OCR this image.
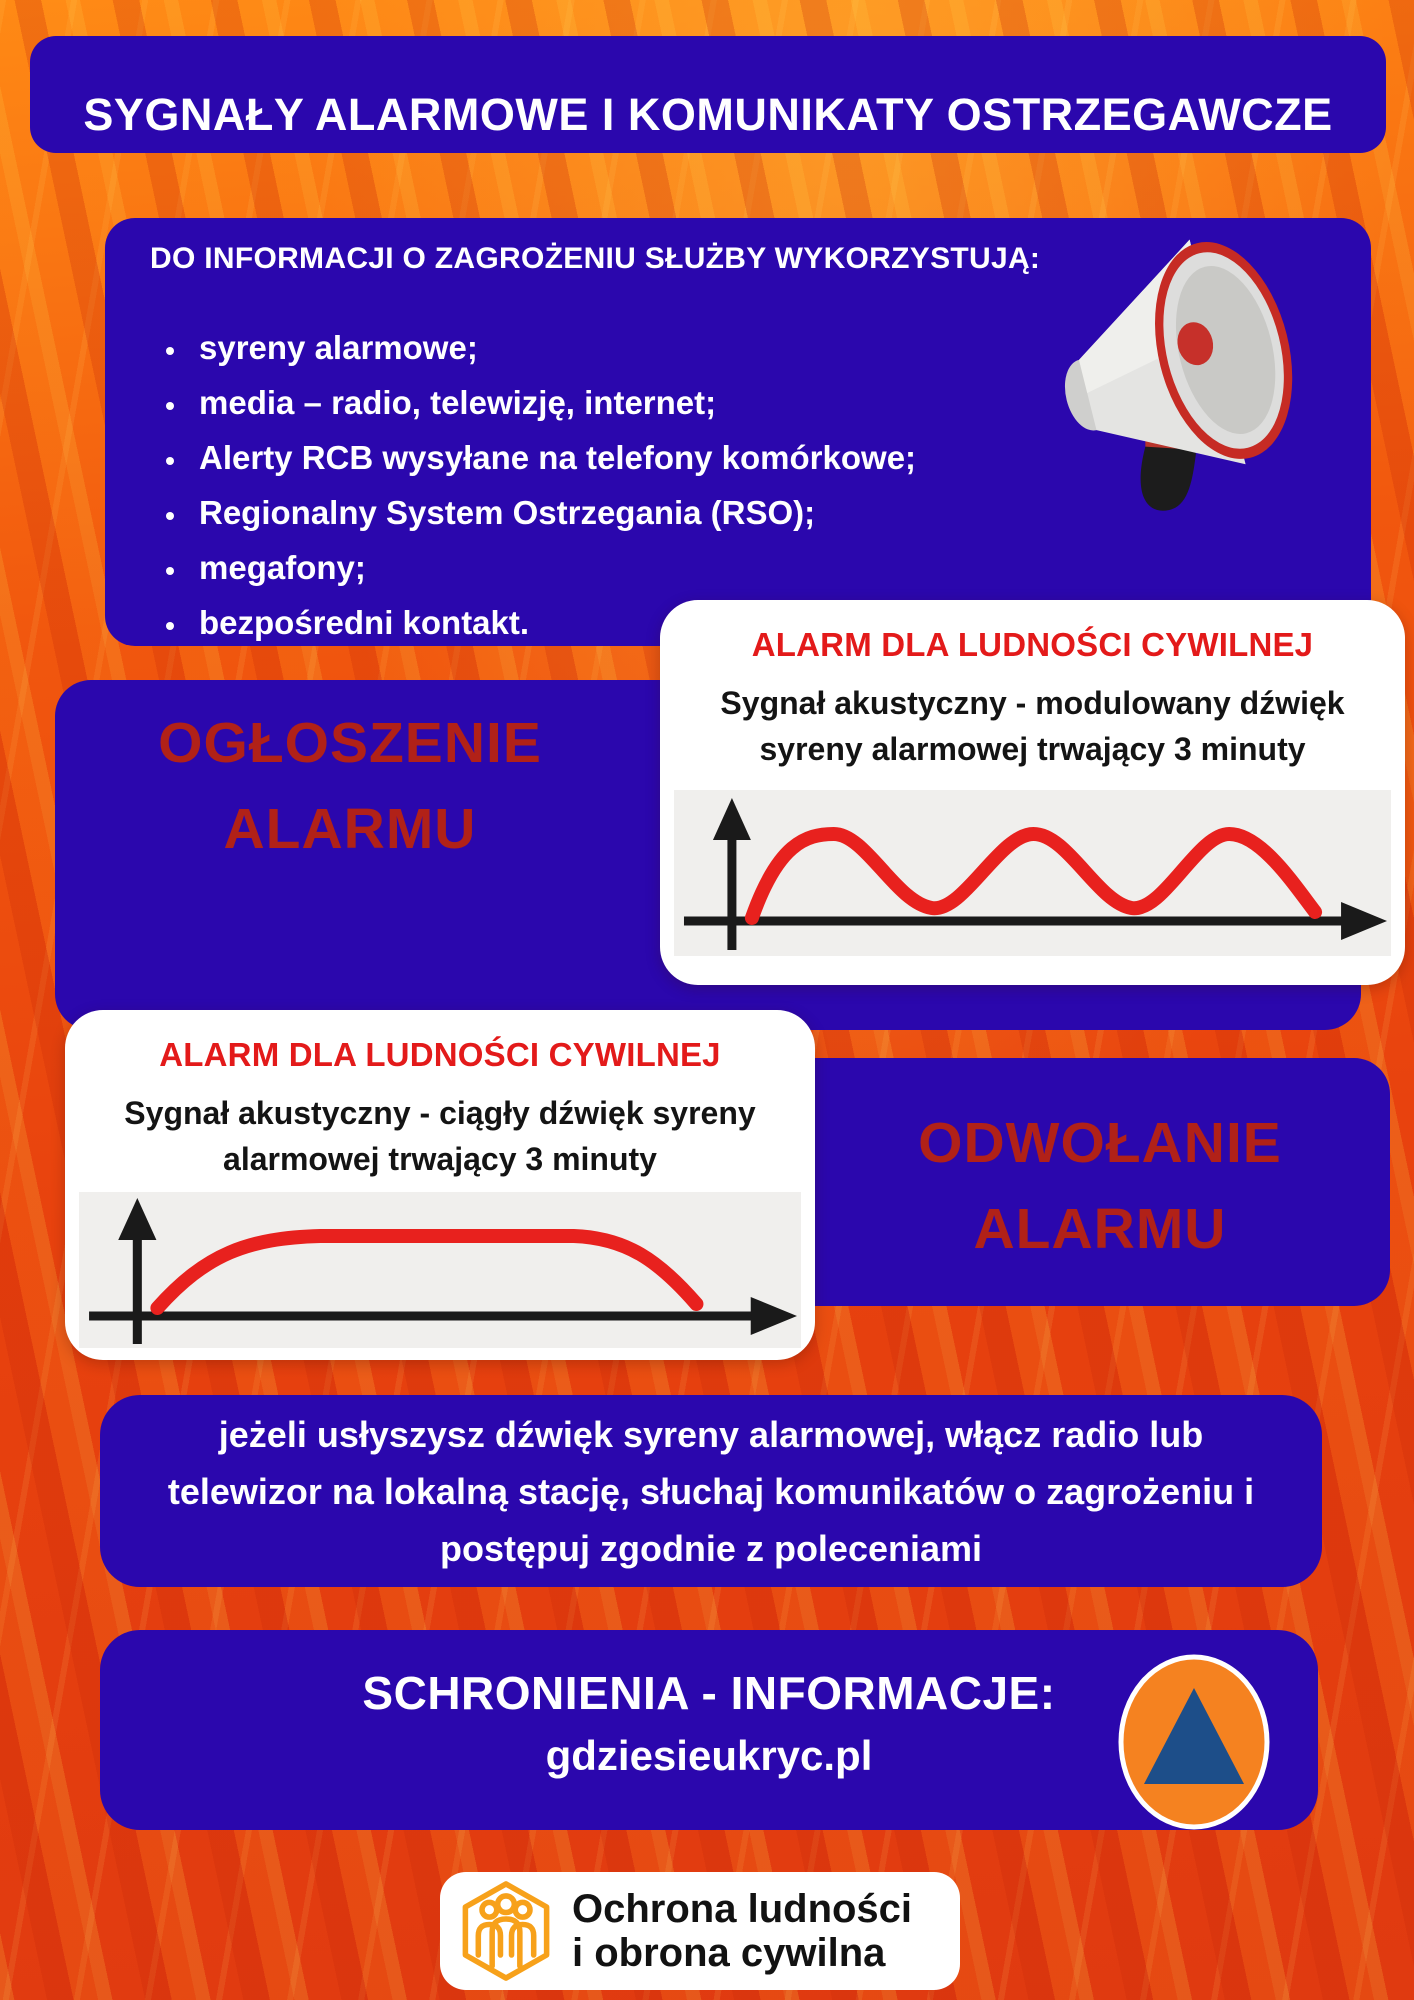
SYGNAŁY ALARMOWE I KOMUNIKATY OSTRZEGAWCZE
DO INFORMACJI O ZAGROŻENIU SŁUŻBY WYKORZYSTUJĄ:
• syreny alarmowe;
• media – radio, telewizję, internet;
• Alerty RCB wysyłane na telefony komórkowe;
• Regionalny System Ostrzegania (RSO);
• megafony;
• bezpośredni kontakt.
OGŁOSZENIE
ALARMU
ALARM DLA LUDNOŚCI CYWILNEJ
Sygnał akustyczny - modulowany dźwięk syreny alarmowej trwający 3 minuty
ODWOŁANIE
ALARMU
ALARM DLA LUDNOŚCI CYWILNEJ
Sygnał akustyczny - ciągły dźwięk syreny alarmowej trwający 3 minuty

jeżeli usłyszysz dźwięk syreny alarmowej, włącz radio lub telewizor na lokalną stację, słuchaj komunikatów o zagrożeniu i postępuj zgodnie z poleceniami

SCHRONIENIA - INFORMACJE:
gdziesieukryc.pl
Ochrona ludności
i obrona cywilna
